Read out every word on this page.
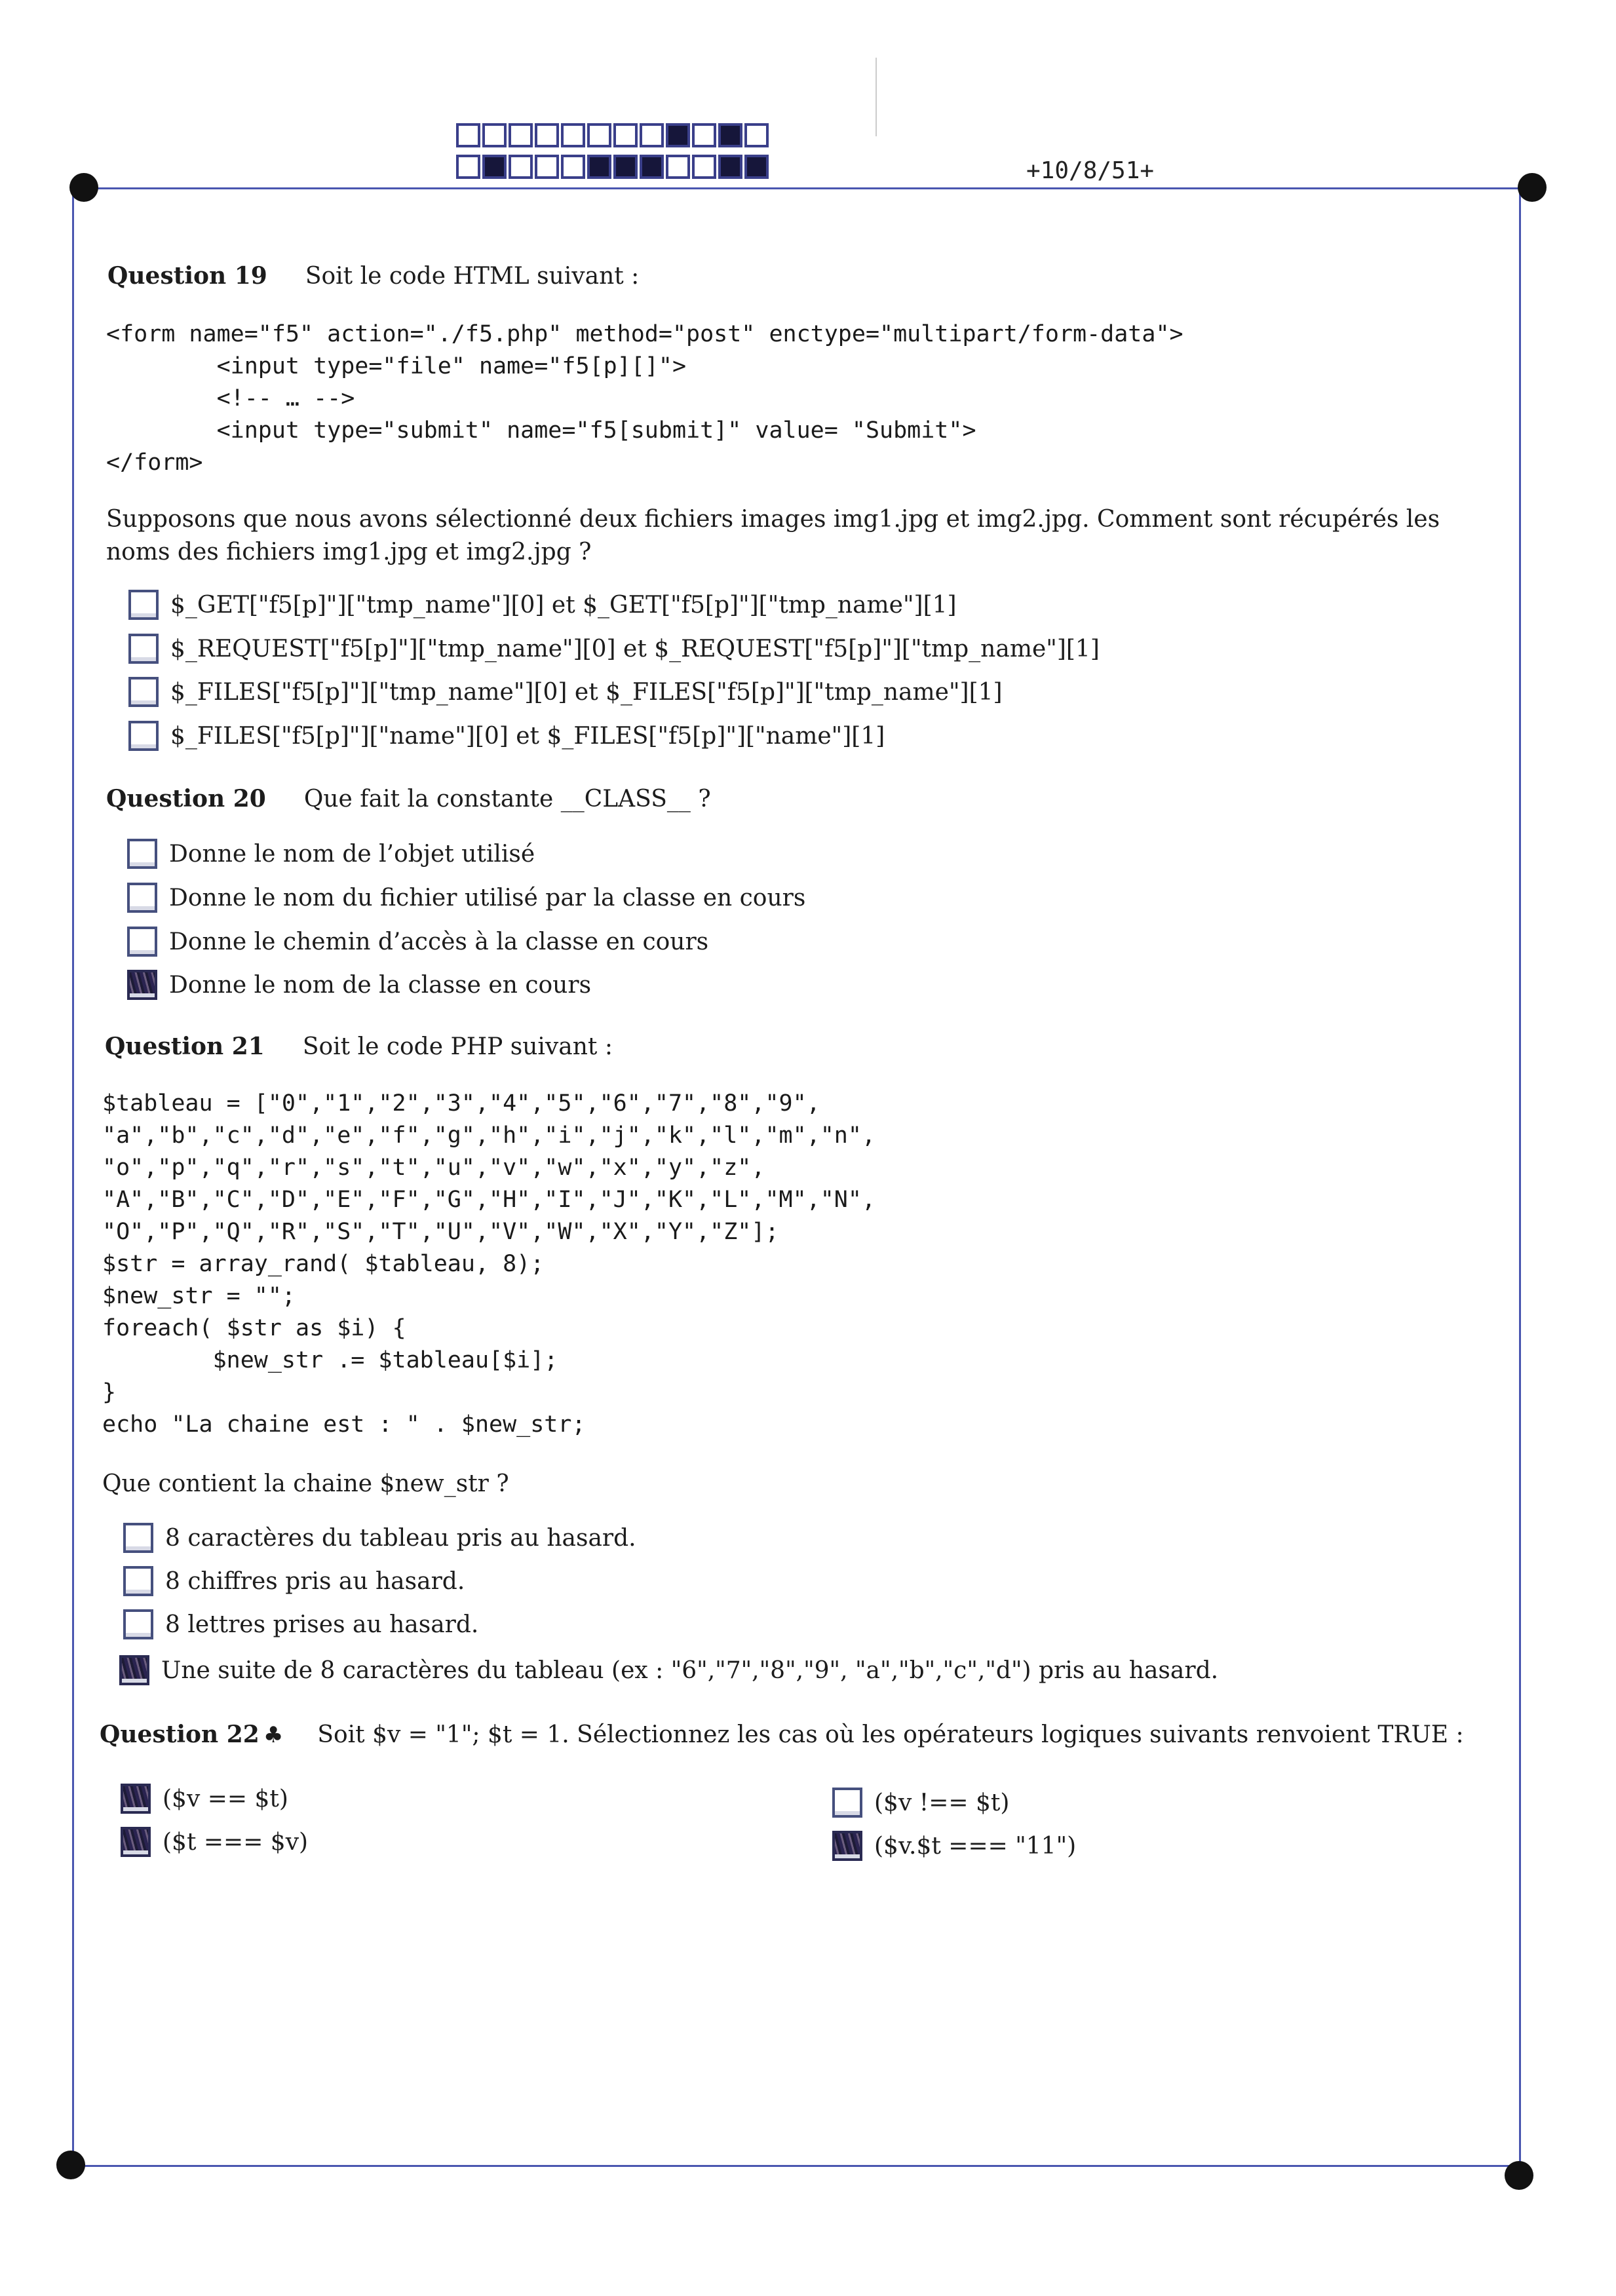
+10/8/51+
Question 19 Soit le code HTML suivant :
<form name="f5" action="./f5.php" method="post" enctype="multipart/form-data">
<input type="file" name="f5[p][]">
<!-- … -->
<input type="submit" name="f5[submit]" value= "Submit">
</form>
Supposons que nous avons sélectionné deux fichiers images img1.jpg et img2.jpg. Comment sont récupérés les noms des fichiers img1.jpg et img2.jpg ?
$_GET["f5[p]"]["tmp_name"][0] et $_GET["f5[p]"]["tmp_name"][1]
$_REQUEST["f5[p]"]["tmp_name"][0] et $_REQUEST["f5[p]"]["tmp_name"][1]
$_FILES["f5[p]"]["tmp_name"][0] et $_FILES["f5[p]"]["tmp_name"][1]
$_FILES["f5[p]"]["name"][0] et $_FILES["f5[p]"]["name"][1]
Question 20 Que fait la constante __CLASS__ ?
Donne le nom de l’objet utilisé
Donne le nom du fichier utilisé par la classe en cours
Donne le chemin d’accès à la classe en cours
Donne le nom de la classe en cours
Question 21 Soit le code PHP suivant :
$tableau = ["0","1","2","3","4","5","6","7","8","9",
"a","b","c","d","e","f","g","h","i","j","k","l","m","n",
"o","p","q","r","s","t","u","v","w","x","y","z",
"A","B","C","D","E","F","G","H","I","J","K","L","M","N",
"O","P","Q","R","S","T","U","V","W","X","Y","Z"];
$str = array_rand( $tableau, 8);
$new_str = "";
foreach( $str as $i) {
$new_str .= $tableau[$i];
}
echo "La chaine est : " . $new_str;
Que contient la chaine $new_str ?
8 caractères du tableau pris au hasard.
8 chiffres pris au hasard.
8 lettres prises au hasard.
Une suite de 8 caractères du tableau (ex : "6","7","8","9", "a","b","c","d") pris au hasard.
Question 22 ♣ Soit $v = "1"; $t = 1. Sélectionnez les cas où les opérateurs logiques suivants renvoient TRUE :
($v == $t)
($t === $v)
($v !== $t)
($v.$t === "11")
